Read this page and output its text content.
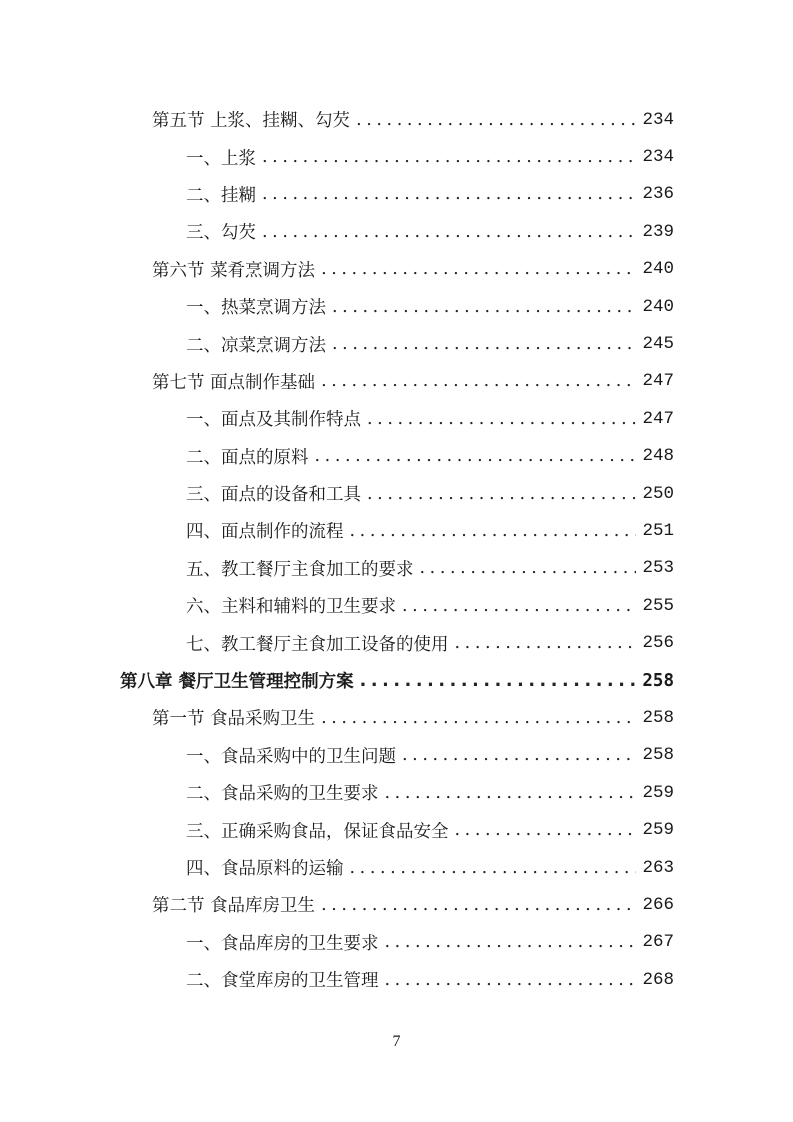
第五节 上浆、挂糊、勾芡 .....	234
一、上浆 .....	234
二、挂糊 .....	236
三、勾芡 .....	239
第六节 菜肴烹调方法 .....	240
一、热菜烹调方法 .....	240
二、凉菜烹调方法 .....	245
第七节 面点制作基础 .....	247
一、面点及其制作特点 .....	247
二、面点的原料 .....	248
三、面点的设备和工具 .....	250
四、面点制作的流程 .....	251
五、教工餐厅主食加工的要求 .....	253
六、主料和辅料的卫生要求 .....	255
七、教工餐厅主食加工设备的使用 .....	256
第八章 餐厅卫生管理控制方案 .....	258
第一节 食品采购卫生 .....	258
一、食品采购中的卫生问题 .....	258
二、食品采购的卫生要求 .....	259
三、正确采购食品，保证食品安全 .....	259
四、食品原料的运输 .....	263
第二节 食品库房卫生 .....	266
一、食品库房的卫生要求 .....	267
二、食堂库房的卫生管理 .....	268
7
